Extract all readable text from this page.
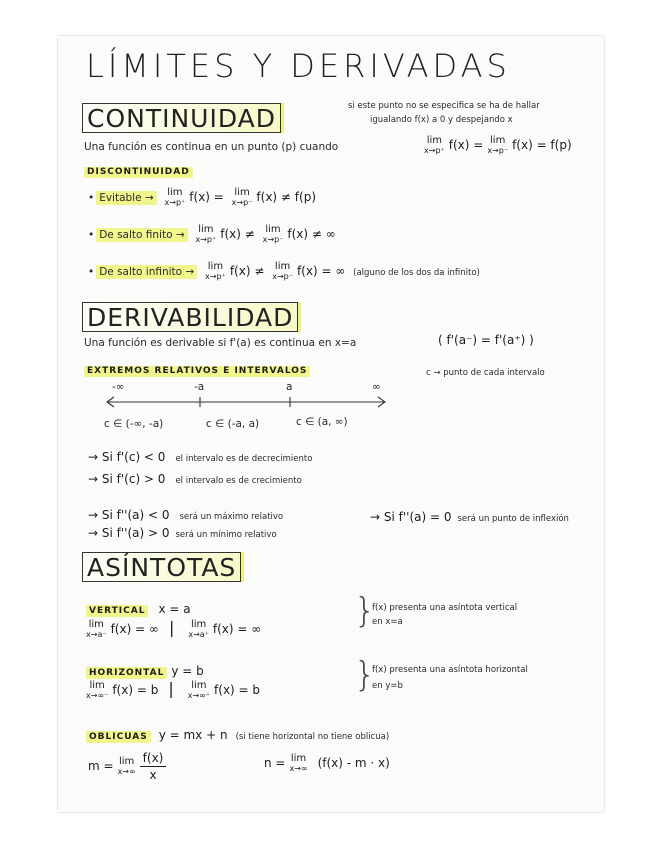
LÍMITES Y DERIVADAS
CONTINUIDAD	si este punto no se especifica se ha de hallar
igualando f(x) a 0 y despejando x
Una función es continua en un punto (p) cuando
lim
x→p⁺ f(x) = lim
x→p⁻ f(x) = f(p)
DISCONTINUIDAD
• Evitable → lim
x→p⁺ f(x) = lim
x→p⁻ f(x) ≠ f(p)
• De salto finito → lim
x→p⁺ f(x) ≠ lim
x→p⁻ f(x) ≠ ∞
• De salto infinito → lim
x→p⁺ f(x) ≠ lim
x→p⁻ f(x) = ∞ (alguno de los dos da infinito)
DERIVABILIDAD
Una función es derivable si f'(a) es continua en x=a	( f'(a⁻) = f'(a⁺) )
EXTREMOS RELATIVOS E INTERVALOS	c → punto de cada intervalo
-∞	-a	a	∞
c ∈ (-∞, -a)	c ∈ (-a, a)	c ∈ (a, ∞)
→ Si f'(c) < 0 el intervalo es de decrecimiento
→ Si f'(c) > 0 el intervalo es de crecimiento
→ Si f''(a) < 0 será un máximo relativo
→ Si f''(a) > 0 será un mínimo relativo
→ Si f''(a) = 0 será un punto de inflexión
ASÍNTOTAS
VERTICAL x = a
lim
x→a⁻ f(x) = ∞ | lim
x→a⁺ f(x) = ∞	}
f(x) presenta una asíntota vertical
en x=a
HORIZONTAL y = b
lim
x→∞⁻ f(x) = b |	lim
x→∞⁺ f(x) = b	}
f(x) presenta una asíntota horizontal
en y=b
OBLICUAS y = mx + n (si tiene horizontal no tiene oblicua)
m = lim
$x\to\infty \frac{f(x)}{x}$	n = lim
x→∞ (f(x) - m · x)
